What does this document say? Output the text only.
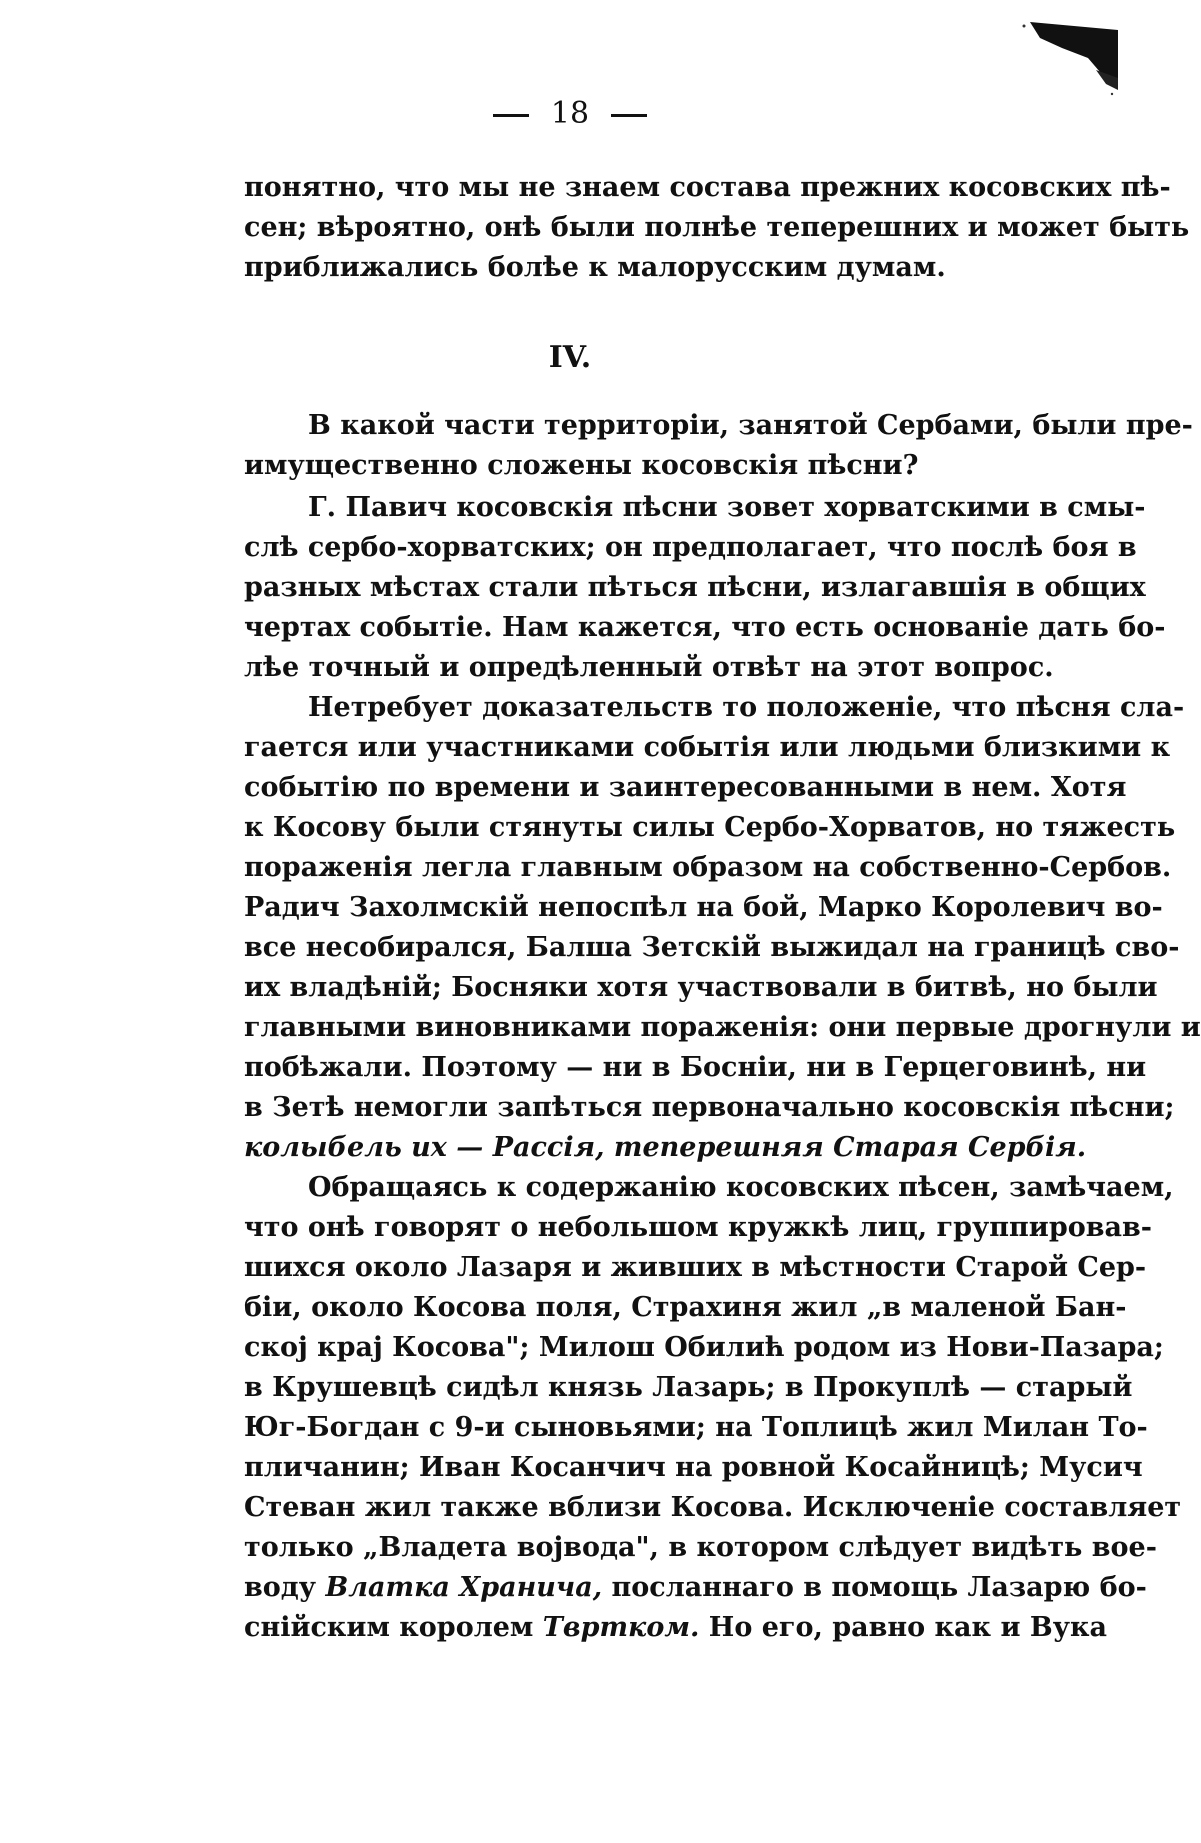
18
понятно, что мы не знаем состава прежних косовских пѣ-
сен; вѣроятно, онѣ были полнѣе теперешних и может быть
приближались болѣе к малорусским думам.
IV.
В какой части территоріи, занятой Сербами, были пре-
имущественно сложены косовскія пѣсни?
Г. Павич косовскія пѣсни зовет хорватскими в смы-
слѣ сербо-хорватских; он предполагает, что послѣ боя в
разных мѣстах стали пѣться пѣсни, излагавшія в общих
чертах событіе. Нам кажется, что есть основаніе дать бо-
лѣе точный и опредѣленный отвѣт на этот вопрос.
Нетребует доказательств то положеніе, что пѣсня сла-
гается или участниками событія или людьми близкими к
событію по времени и заинтересованными в нем. Хотя
к Косову были стянуты силы Сербо-Хорватов, но тяжесть
пораженія легла главным образом на собственно-Сербов.
Радич Захолмскій непоспѣл на бой, Марко Королевич во-
все несобирался, Балша Зетскій выжидал на границѣ сво-
их владѣній; Босняки хотя участвовали в битвѣ, но были
главными виновниками пораженія: они первые дрогнули и
побѣжали. Поэтому — ни в Босніи, ни в Герцеговинѣ, ни
в Зетѣ немогли запѣться первоначально косовскія пѣсни;
колыбель их — Рассія, теперешняя Старая Сербія.
Обращаясь к содержанію косовских пѣсен, замѣчаем,
что онѣ говорят о небольшом кружкѣ лиц, группировав-
шихся около Лазаря и живших в мѣстности Старой Сер-
біи, около Косова поля, Страхиня жил „в маленой Бан-
ској крај Косова"; Милош Обилић родом из Нови-Пазара;
в Крушевцѣ сидѣл князь Лазарь; в Прокуплѣ — старый
Юг-Богдан с 9-и сыновьями; на Топлицѣ жил Милан То-
пличанин; Иван Косанчич на ровной Косайницѣ; Мусич
Стеван жил также вблизи Косова. Исключеніе составляет
только „Владета војвода", в котором слѣдует видѣть вое-
воду Влатка Хранича, посланнаго в помощь Лазарю бо-
снійским королем Твртком. Но его, равно как и Вука
